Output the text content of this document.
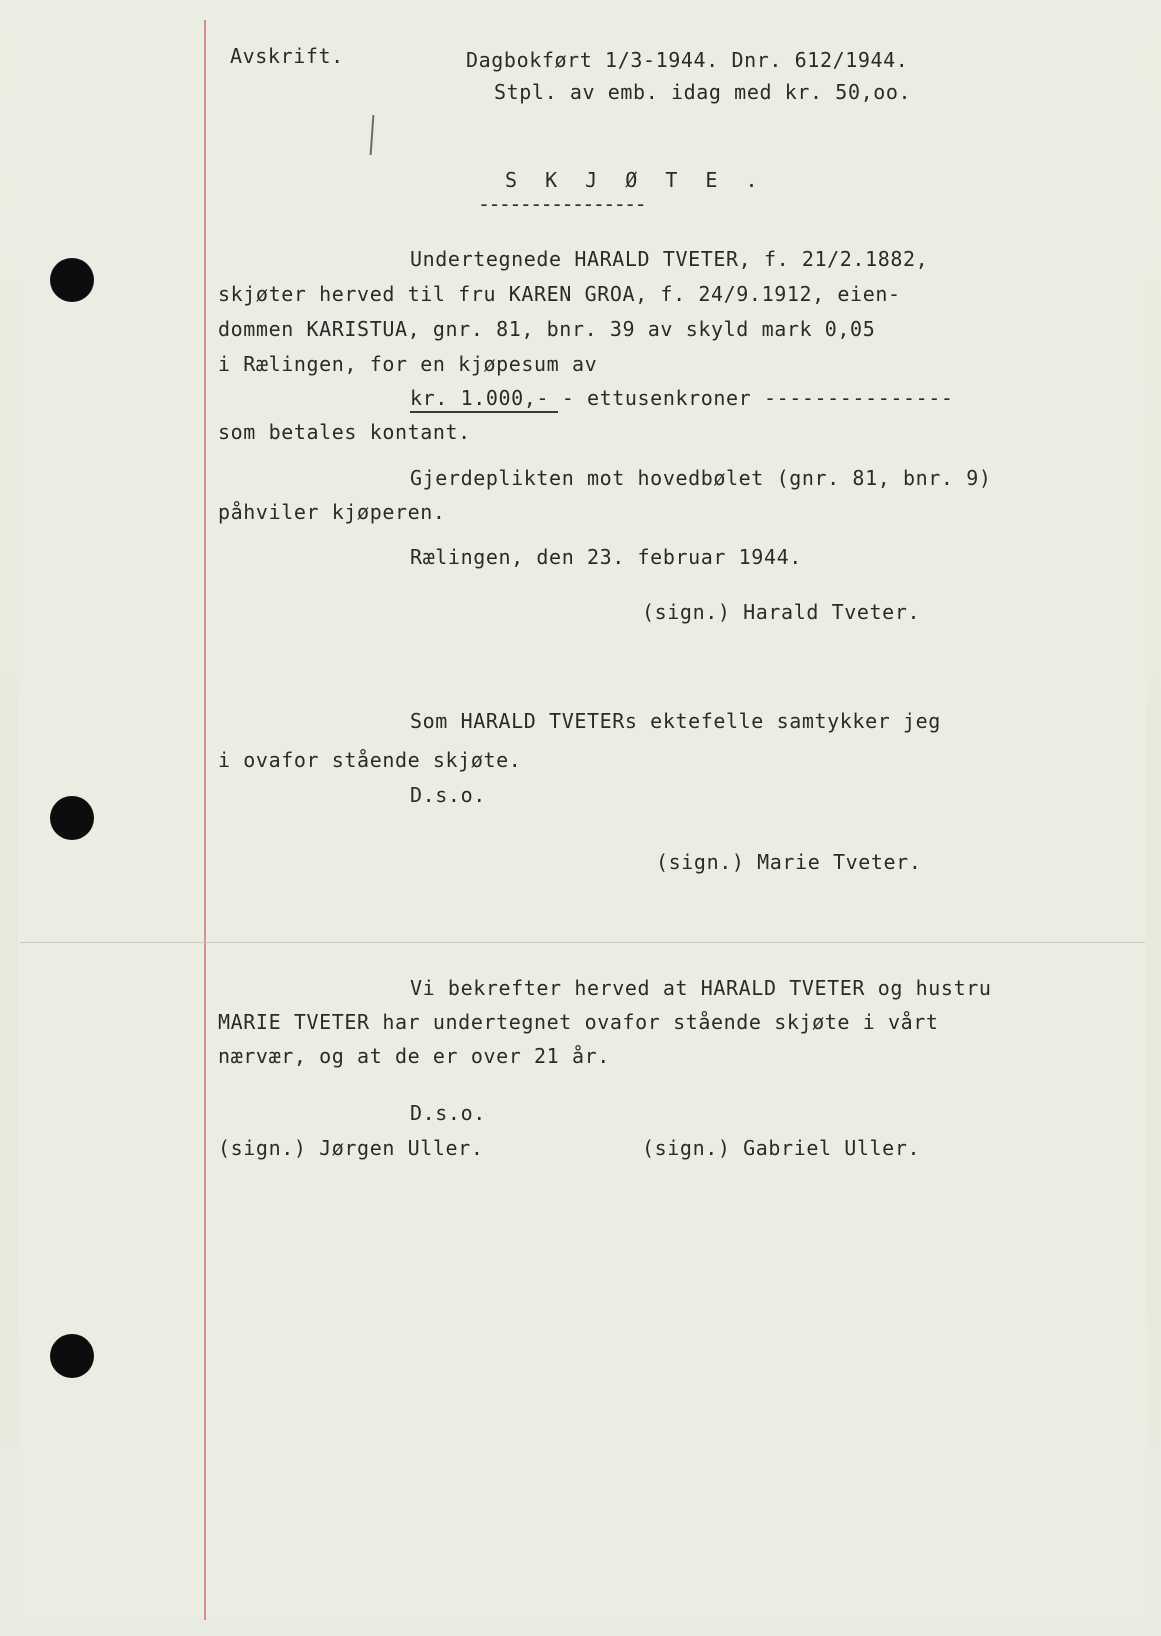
Avskrift.	Dagbokført 1/3-1944. Dnr. 612/1944.
Stpl. av emb. idag med kr. 50,oo.
S K J Ø T E .
----------------
Undertegnede HARALD TVETER, f. 21/2.1882,
skjøter herved til fru KAREN GROA, f. 24/9.1912, eien-
dommen KARISTUA, gnr. 81, bnr. 39 av skyld mark 0,05
i Rælingen, for en kjøpesum av
kr. 1.000,- - ettusenkroner ---------------
som betales kontant.
Gjerdeplikten mot hovedbølet (gnr. 81, bnr. 9)
påhviler kjøperen.
Rælingen, den 23. februar 1944.
(sign.) Harald Tveter.
Som HARALD TVETERs ektefelle samtykker jeg
i ovafor stående skjøte.
D.s.o.
(sign.) Marie Tveter.
Vi bekrefter herved at HARALD TVETER og hustru
MARIE TVETER har undertegnet ovafor stående skjøte i vårt
nærvær, og at de er over 21 år.
D.s.o.
(sign.) Jørgen Uller.	(sign.) Gabriel Uller.
